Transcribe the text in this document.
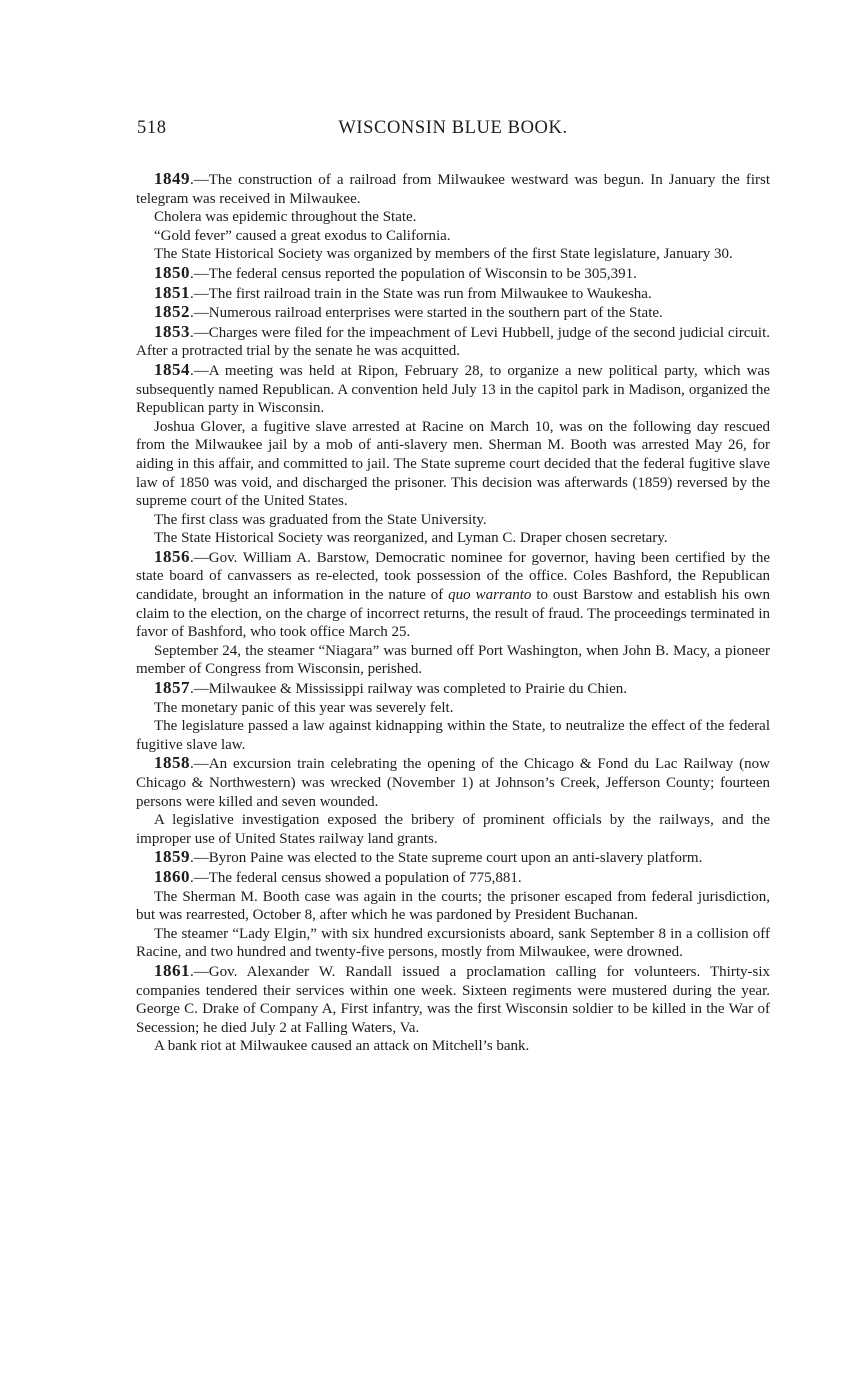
518	WISCONSIN BLUE BOOK.

1849.—The construction of a railroad from Milwaukee westward was begun. In January the first telegram was received in Milwaukee.

Cholera was epidemic throughout the State.

“Gold fever” caused a great exodus to California.

The State Historical Society was organized by members of the first State legislature, January 30.

1850.—The federal census reported the population of Wisconsin to be 305,391.

1851.—The first railroad train in the State was run from Milwaukee to Waukesha.

1852.—Numerous railroad enterprises were started in the southern part of the State.

1853.—Charges were filed for the impeachment of Levi Hubbell, judge of the second judicial circuit. After a protracted trial by the senate he was acquitted.

1854.—A meeting was held at Ripon, February 28, to organize a new political party, which was subsequently named Republican. A convention held July 13 in the capitol park in Madison, organized the Republican party in Wisconsin.

Joshua Glover, a fugitive slave arrested at Racine on March 10, was on the following day rescued from the Milwaukee jail by a mob of anti-slavery men. Sherman M. Booth was arrested May 26, for aiding in this affair, and committed to jail. The State supreme court decided that the federal fugitive slave law of 1850 was void, and discharged the prisoner. This decision was afterwards (1859) reversed by the supreme court of the United States.

The first class was graduated from the State University.

The State Historical Society was reorganized, and Lyman C. Draper chosen secretary.

1856.—Gov. William A. Barstow, Democratic nominee for governor, having been certified by the state board of canvassers as re-elected, took possession of the office. Coles Bashford, the Republican candidate, brought an information in the nature of quo warranto to oust Barstow and establish his own claim to the election, on the charge of incorrect returns, the result of fraud. The proceedings terminated in favor of Bashford, who took office March 25.

September 24, the steamer “Niagara” was burned off Port Washington, when John B. Macy, a pioneer member of Congress from Wisconsin, perished.

1857.—Milwaukee & Mississippi railway was completed to Prairie du Chien.

The monetary panic of this year was severely felt.

The legislature passed a law against kidnapping within the State, to neutralize the effect of the federal fugitive slave law.

1858.—An excursion train celebrating the opening of the Chicago & Fond du Lac Railway (now Chicago & Northwestern) was wrecked (November 1) at Johnson’s Creek, Jefferson County; fourteen persons were killed and seven wounded.

A legislative investigation exposed the bribery of prominent officials by the railways, and the improper use of United States railway land grants.

1859.—Byron Paine was elected to the State supreme court upon an anti-slavery platform.

1860.—The federal census showed a population of 775,881.

The Sherman M. Booth case was again in the courts; the prisoner escaped from federal jurisdiction, but was rearrested, October 8, after which he was pardoned by President Buchanan.

The steamer “Lady Elgin,” with six hundred excursionists aboard, sank September 8 in a collision off Racine, and two hundred and twenty-five persons, mostly from Milwaukee, were drowned.

1861.—Gov. Alexander W. Randall issued a proclamation calling for volunteers. Thirty-six companies tendered their services within one week. Sixteen regiments were mustered during the year. George C. Drake of Company A, First infantry, was the first Wisconsin soldier to be killed in the War of Secession; he died July 2 at Falling Waters, Va.

A bank riot at Milwaukee caused an attack on Mitchell’s bank.
